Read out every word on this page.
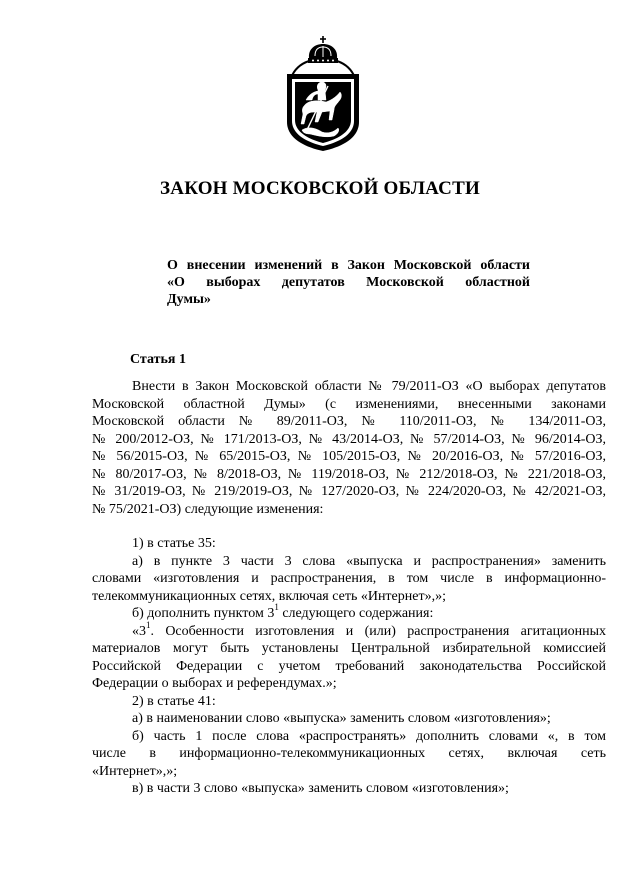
ЗАКОН МОСКОВСКОЙ ОБЛАСТИ
О внесении изменений в Закон Московской области
«О выборах депутатов Московской областной
Думы»
Статья 1
Внести в Закон Московской области № 79/2011-ОЗ «О выборах депутатов
Московской областной Думы» (с изменениями, внесенными законами
Московской области № 89/2011-ОЗ, № 110/2011-ОЗ, № 134/2011-ОЗ,
№ 200/2012-ОЗ, № 171/2013-ОЗ, № 43/2014-ОЗ, № 57/2014-ОЗ, № 96/2014-ОЗ,
№ 56/2015-ОЗ, № 65/2015-ОЗ, № 105/2015-ОЗ, № 20/2016-ОЗ, № 57/2016-ОЗ,
№ 80/2017-ОЗ, № 8/2018-ОЗ, № 119/2018-ОЗ, № 212/2018-ОЗ, № 221/2018-ОЗ,
№ 31/2019-ОЗ, № 219/2019-ОЗ, № 127/2020-ОЗ, № 224/2020-ОЗ, № 42/2021-ОЗ,
№ 75/2021-ОЗ) следующие изменения:
1) в статье 35:
а) в пункте 3 части 3 слова «выпуска и распространения» заменить
словами «изготовления и распространения, в том числе в информационно-
телекоммуникационных сетях, включая сеть «Интернет»,»;
б) дополнить пунктом $3^1$ следующего содержания:
«$3^1$. Особенности изготовления и (или) распространения агитационных
материалов могут быть установлены Центральной избирательной комиссией
Российской Федерации с учетом требований законодательства Российской
Федерации о выборах и референдумах.»;
2) в статье 41:
а) в наименовании слово «выпуска» заменить словом «изготовления»;
б) часть 1 после слова «распространять» дополнить словами «, в том
числе в информационно-телекоммуникационных сетях, включая сеть
«Интернет»,»;
в) в части 3 слово «выпуска» заменить словом «изготовления»;
